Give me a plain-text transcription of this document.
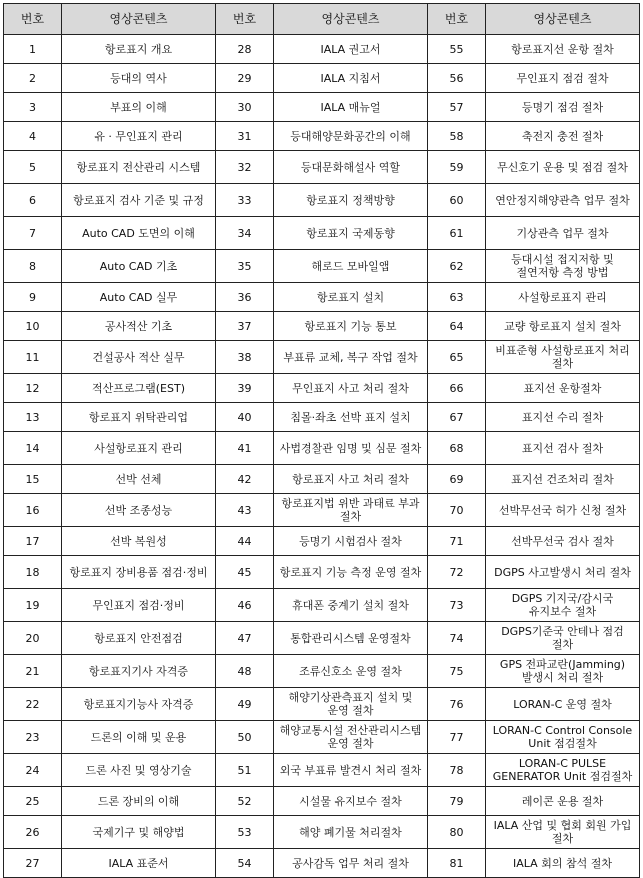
번호	영상콘텐츠	번호	영상콘텐츠	번호	영상콘텐츠
1	항로표지 개요	28	IALA 권고서	55	항로표지선 운항 절차
2	등대의 역사	29	IALA 지침서	56	무인표지 점검 절차
3	부표의 이해	30	IALA 매뉴얼	57	등명기 점검 절차
4	유 · 무인표지 관리	31	등대해양문화공간의 이해	58	축전지 충전 절차
5	항로표지 전산관리 시스템	32	등대문화해설사 역할	59	무신호기 운용 및 점검 절차
6	항로표지 검사 기준 및 규정	33	항로표지 정책방향	60	연안정지해양관측 업무 절차
7	Auto CAD 도면의 이해	34	항로표지 국제동향	61	기상관측 업무 절차
8	Auto CAD 기초	35	해로드 모바일앱	62	등대시설 접지저항 및 절연저항 측정 방법
9	Auto CAD 실무	36	항로표지 설치	63	사설항로표지 관리
10	공사적산 기초	37	항로표지 기능 통보	64	교량 항로표지 설치 절차
11	건설공사 적산 실무	38	부표류 교체, 복구 작업 절차	65	비표준형 사설항로표지 처리 절차
12	적산프로그램(EST)	39	무인표지 사고 처리 절차	66	표지선 운항절차
13	항로표지 위탁관리업	40	침몰·좌초 선박 표지 설치	67	표지선 수리 절차
14	사설항로표지 관리	41	사법경찰관 임명 및 심문 절차	68	표지선 검사 절차
15	선박 선체	42	항로표지 사고 처리 절차	69	표지선 건조처리 절차
16	선박 조종성능	43	항로표지법 위반 과태료 부과 절차	70	선박무선국 허가 신청 절차
17	선박 복원성	44	등명기 시험검사 절차	71	선박무선국 검사 절차
18	항로표지 장비용품 점검·정비	45	항로표지 기능 측정 운영 절차	72	DGPS 사고발생시 처리 절차
19	무인표지 점검·정비	46	휴대폰 중계기 설치 절차	73	DGPS 기지국/감시국 유지보수 절차
20	항로표지 안전점검	47	통합관리시스템 운영절차	74	DGPS기준국 안테나 점검 절차
21	항로표지기사 자격증	48	조류신호소 운영 절차	75	GPS 전파교란(Jamming) 발생시 처리 절차
22	항로표지기능사 자격증	49	해양기상관측표지 설치 및 운영 절차	76	LORAN-C 운영 절차
23	드론의 이해 및 운용	50	해양교통시설 전산관리시스템 운영 절차	77	LORAN-C Control Console Unit 점검절차
24	드론 사진 및 영상기술	51	외국 부표류 발견시 처리 절차	78	LORAN-C PULSE GENERATOR Unit 점검절차
25	드론 장비의 이해	52	시설물 유지보수 절차	79	레이콘 운용 절차
26	국제기구 및 해양법	53	해양 폐기물 처리절차	80	IALA 산업 및 협회 회원 가입 절차
27	IALA 표준서	54	공사감독 업무 처리 절차	81	IALA 회의 참석 절차
